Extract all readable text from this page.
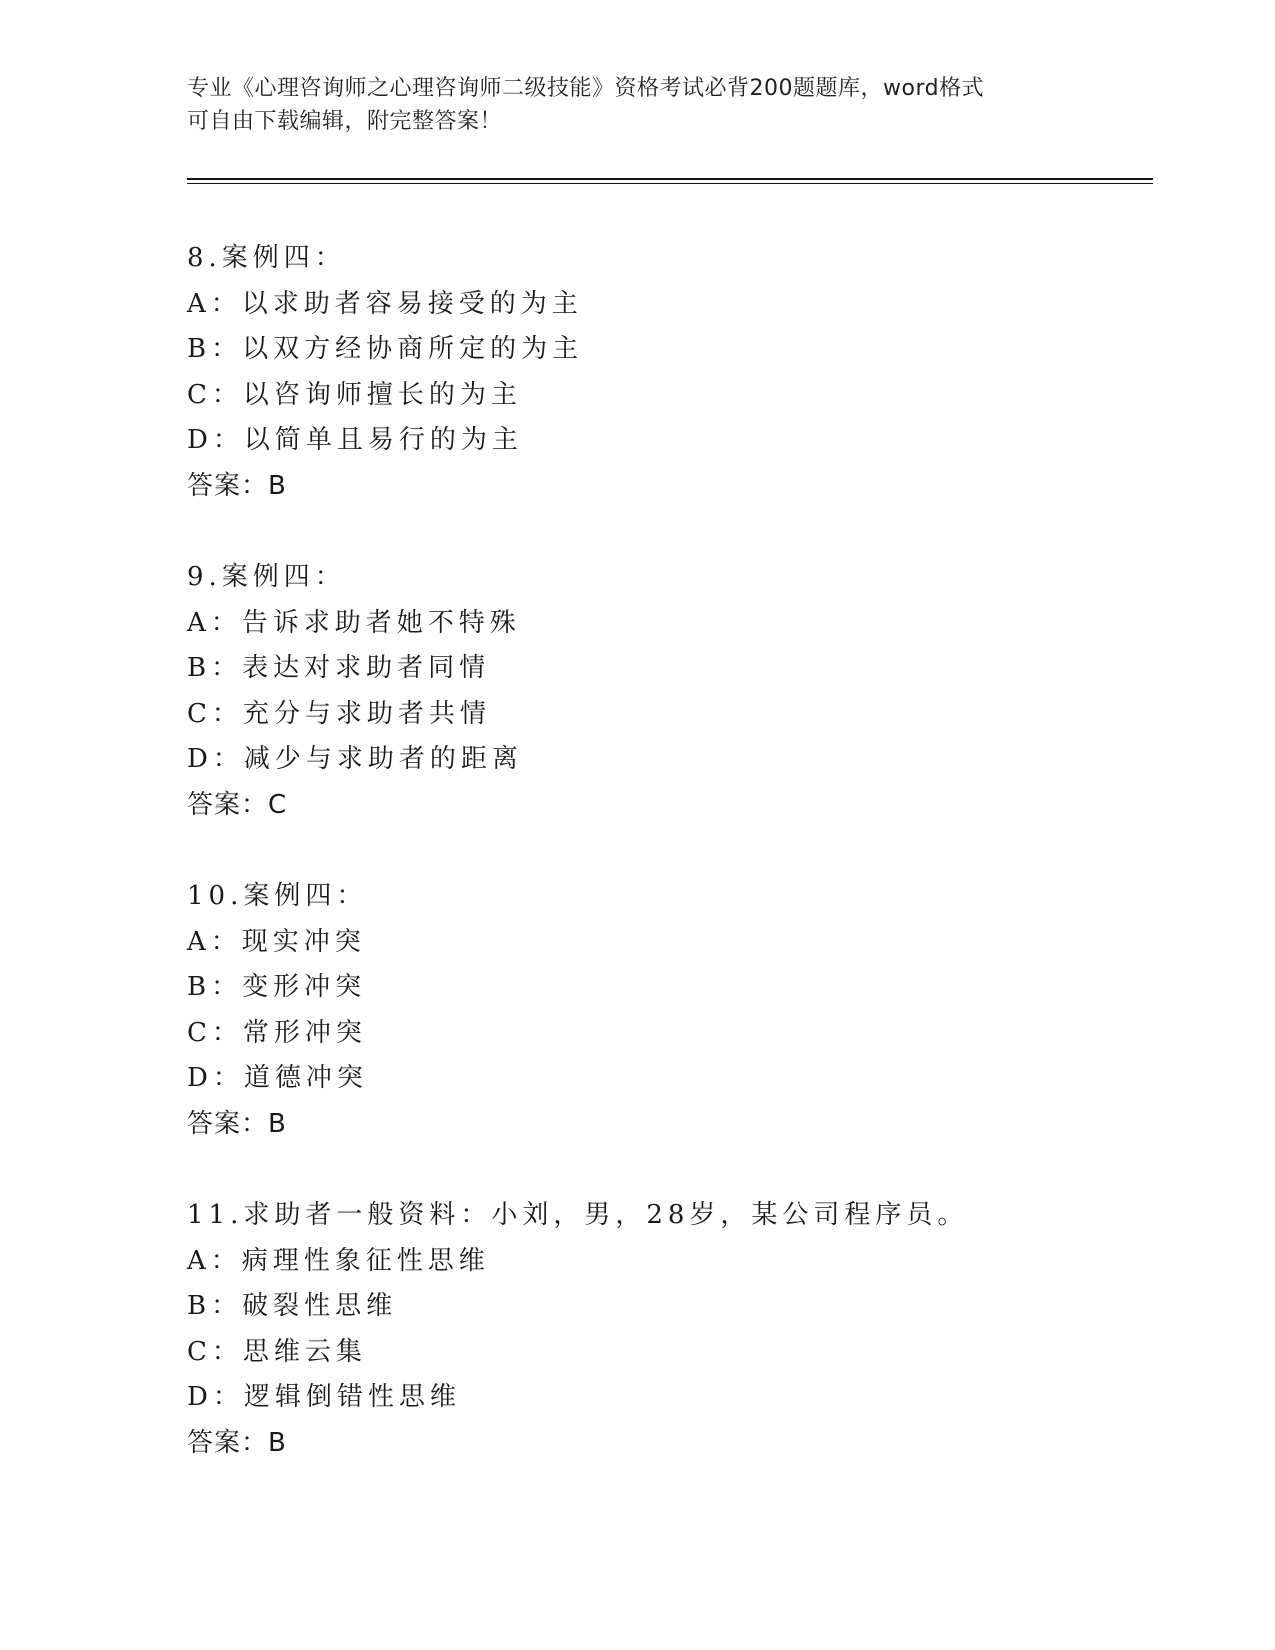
专业《心理咨询师之心理咨询师二级技能》资格考试必背200题题库，word格式
可自由下载编辑，附完整答案！
8.案例四：
A：以求助者容易接受的为主
B：以双方经协商所定的为主
C：以咨询师擅长的为主
D：以简单且易行的为主
答案：B
9.案例四：
A：告诉求助者她不特殊
B：表达对求助者同情
C：充分与求助者共情
D：减少与求助者的距离
答案：C
10.案例四：
A：现实冲突
B：变形冲突
C：常形冲突
D：道德冲突
答案：B
11.求助者一般资料：小刘，男，28岁，某公司程序员。
A：病理性象征性思维
B：破裂性思维
C：思维云集
D：逻辑倒错性思维
答案：B
